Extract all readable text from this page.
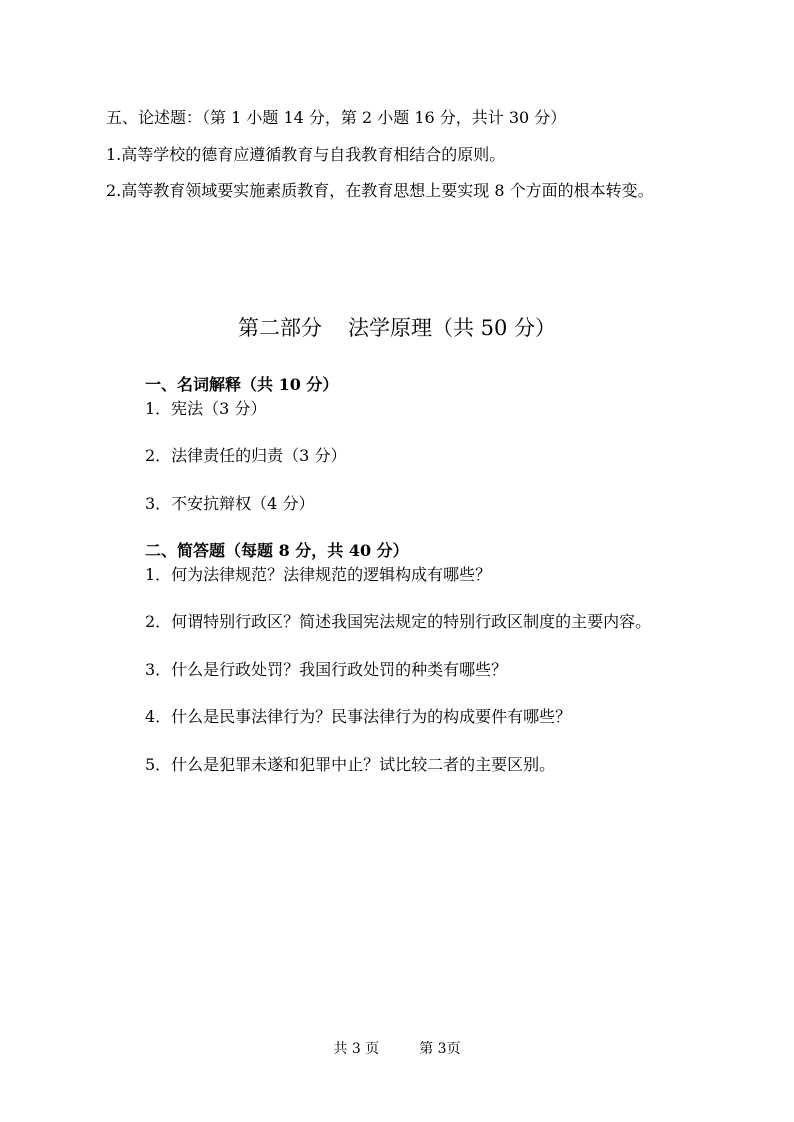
五、论述题：（第 1 小题 14 分，第 2 小题 16 分，共计 30 分）
1.高等学校的德育应遵循教育与自我教育相结合的原则。
2.高等教育领域要实施素质教育，在教育思想上要实现 8 个方面的根本转变。
第二部分 法学原理（共 50 分）
一、名词解释（共 10 分）
1．宪法（3 分）
2．法律责任的归责（3 分）
3．不安抗辩权（4 分）
二、简答题（每题 8 分，共 40 分）
1．何为法律规范？法律规范的逻辑构成有哪些？
2．何谓特别行政区？简述我国宪法规定的特别行政区制度的主要内容。
3．什么是行政处罚？我国行政处罚的种类有哪些？
4．什么是民事法律行为？民事法律行为的构成要件有哪些？
5．什么是犯罪未遂和犯罪中止？试比较二者的主要区别。
共 3 页	第 3页
